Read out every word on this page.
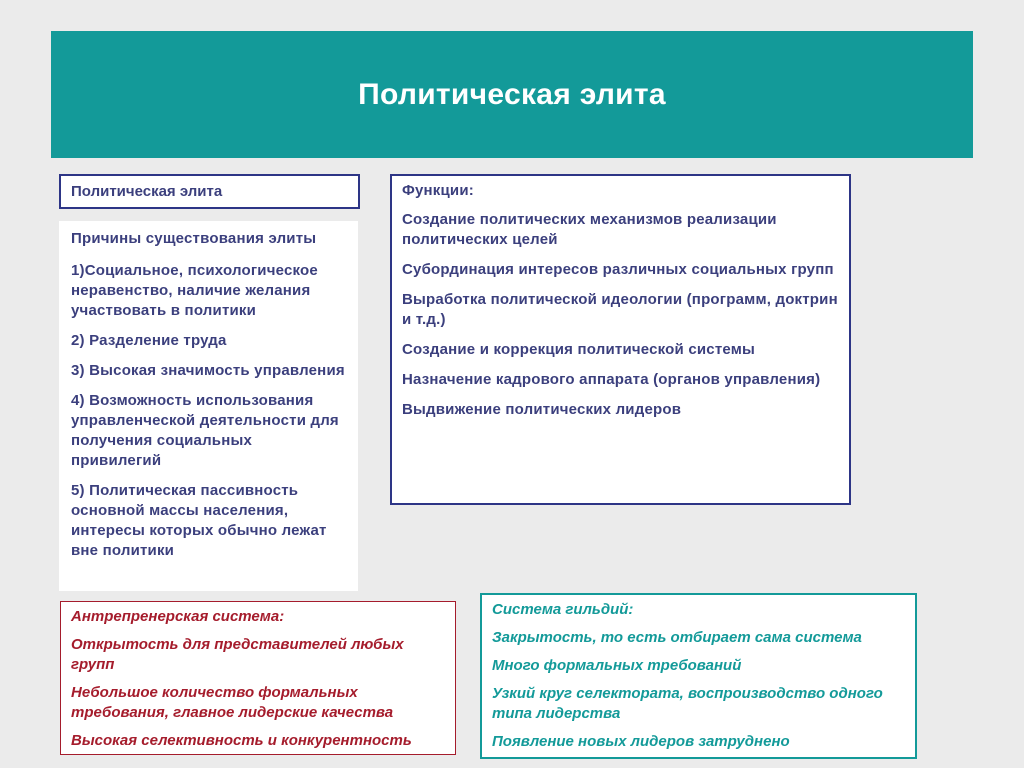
Политическая элита
Политическая элита
Причины существования элиты
1)Социальное, психологическое неравенство, наличие желания участвовать в политики
2) Разделение труда
3) Высокая значимость управления
4) Возможность использования управленческой деятельности для получения социальных привилегий
5) Политическая пассивность основной массы населения, интересы которых обычно лежат вне политики
Функции:
Создание политических механизмов реализации политических целей
Субординация интересов различных социальных групп
Выработка политической идеологии (программ, доктрин и т.д.)
Создание и коррекция политической системы
Назначение кадрового аппарата (органов управления)
Выдвижение политических лидеров
Антрепренерская система:
Открытость для представителей любых групп
Небольшое количество формальных требования, главное лидерские качества
Высокая селективность и конкурентность
Система гильдий:
Закрытость, то есть отбирает сама система
Много формальных требований
Узкий круг селектората, воспроизводство одного типа лидерства
Появление новых лидеров затруднено
